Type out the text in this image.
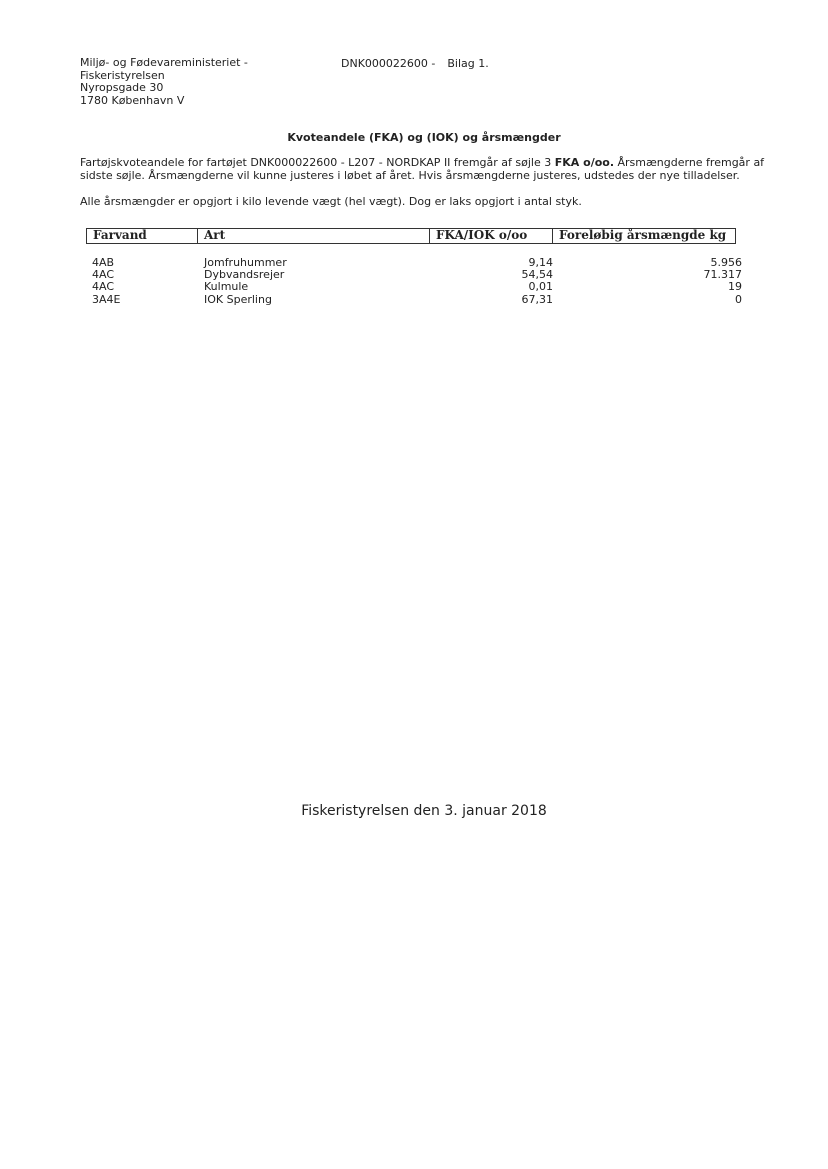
Miljø- og Fødevareministeriet -
Fiskeristyrelsen
Nyropsgade 30
1780 København V
DNK000022600 - Bilag 1.
Kvoteandele (FKA) og (IOK) og årsmængder
Fartøjskvoteandele for fartøjet DNK000022600 - L207 - NORDKAP II fremgår af søjle 3 FKA o/oo. Årsmængderne fremgår af sidste søjle. Årsmængderne vil kunne justeres i løbet af året. Hvis årsmængderne justeres, udstedes der nye tilladelser.
Alle årsmængder er opgjort i kilo levende vægt (hel vægt). Dog er laks opgjort i antal styk.
Farvand	Art	FKA/IOK o/oo	Foreløbig årsmængde kg
4AB	Jomfruhummer	9,14	5.956
4AC	Dybvandsrejer	54,54	71.317
4AC	Kulmule	0,01	19
3A4E	IOK Sperling	67,31	0
Fiskeristyrelsen den 3. januar 2018
